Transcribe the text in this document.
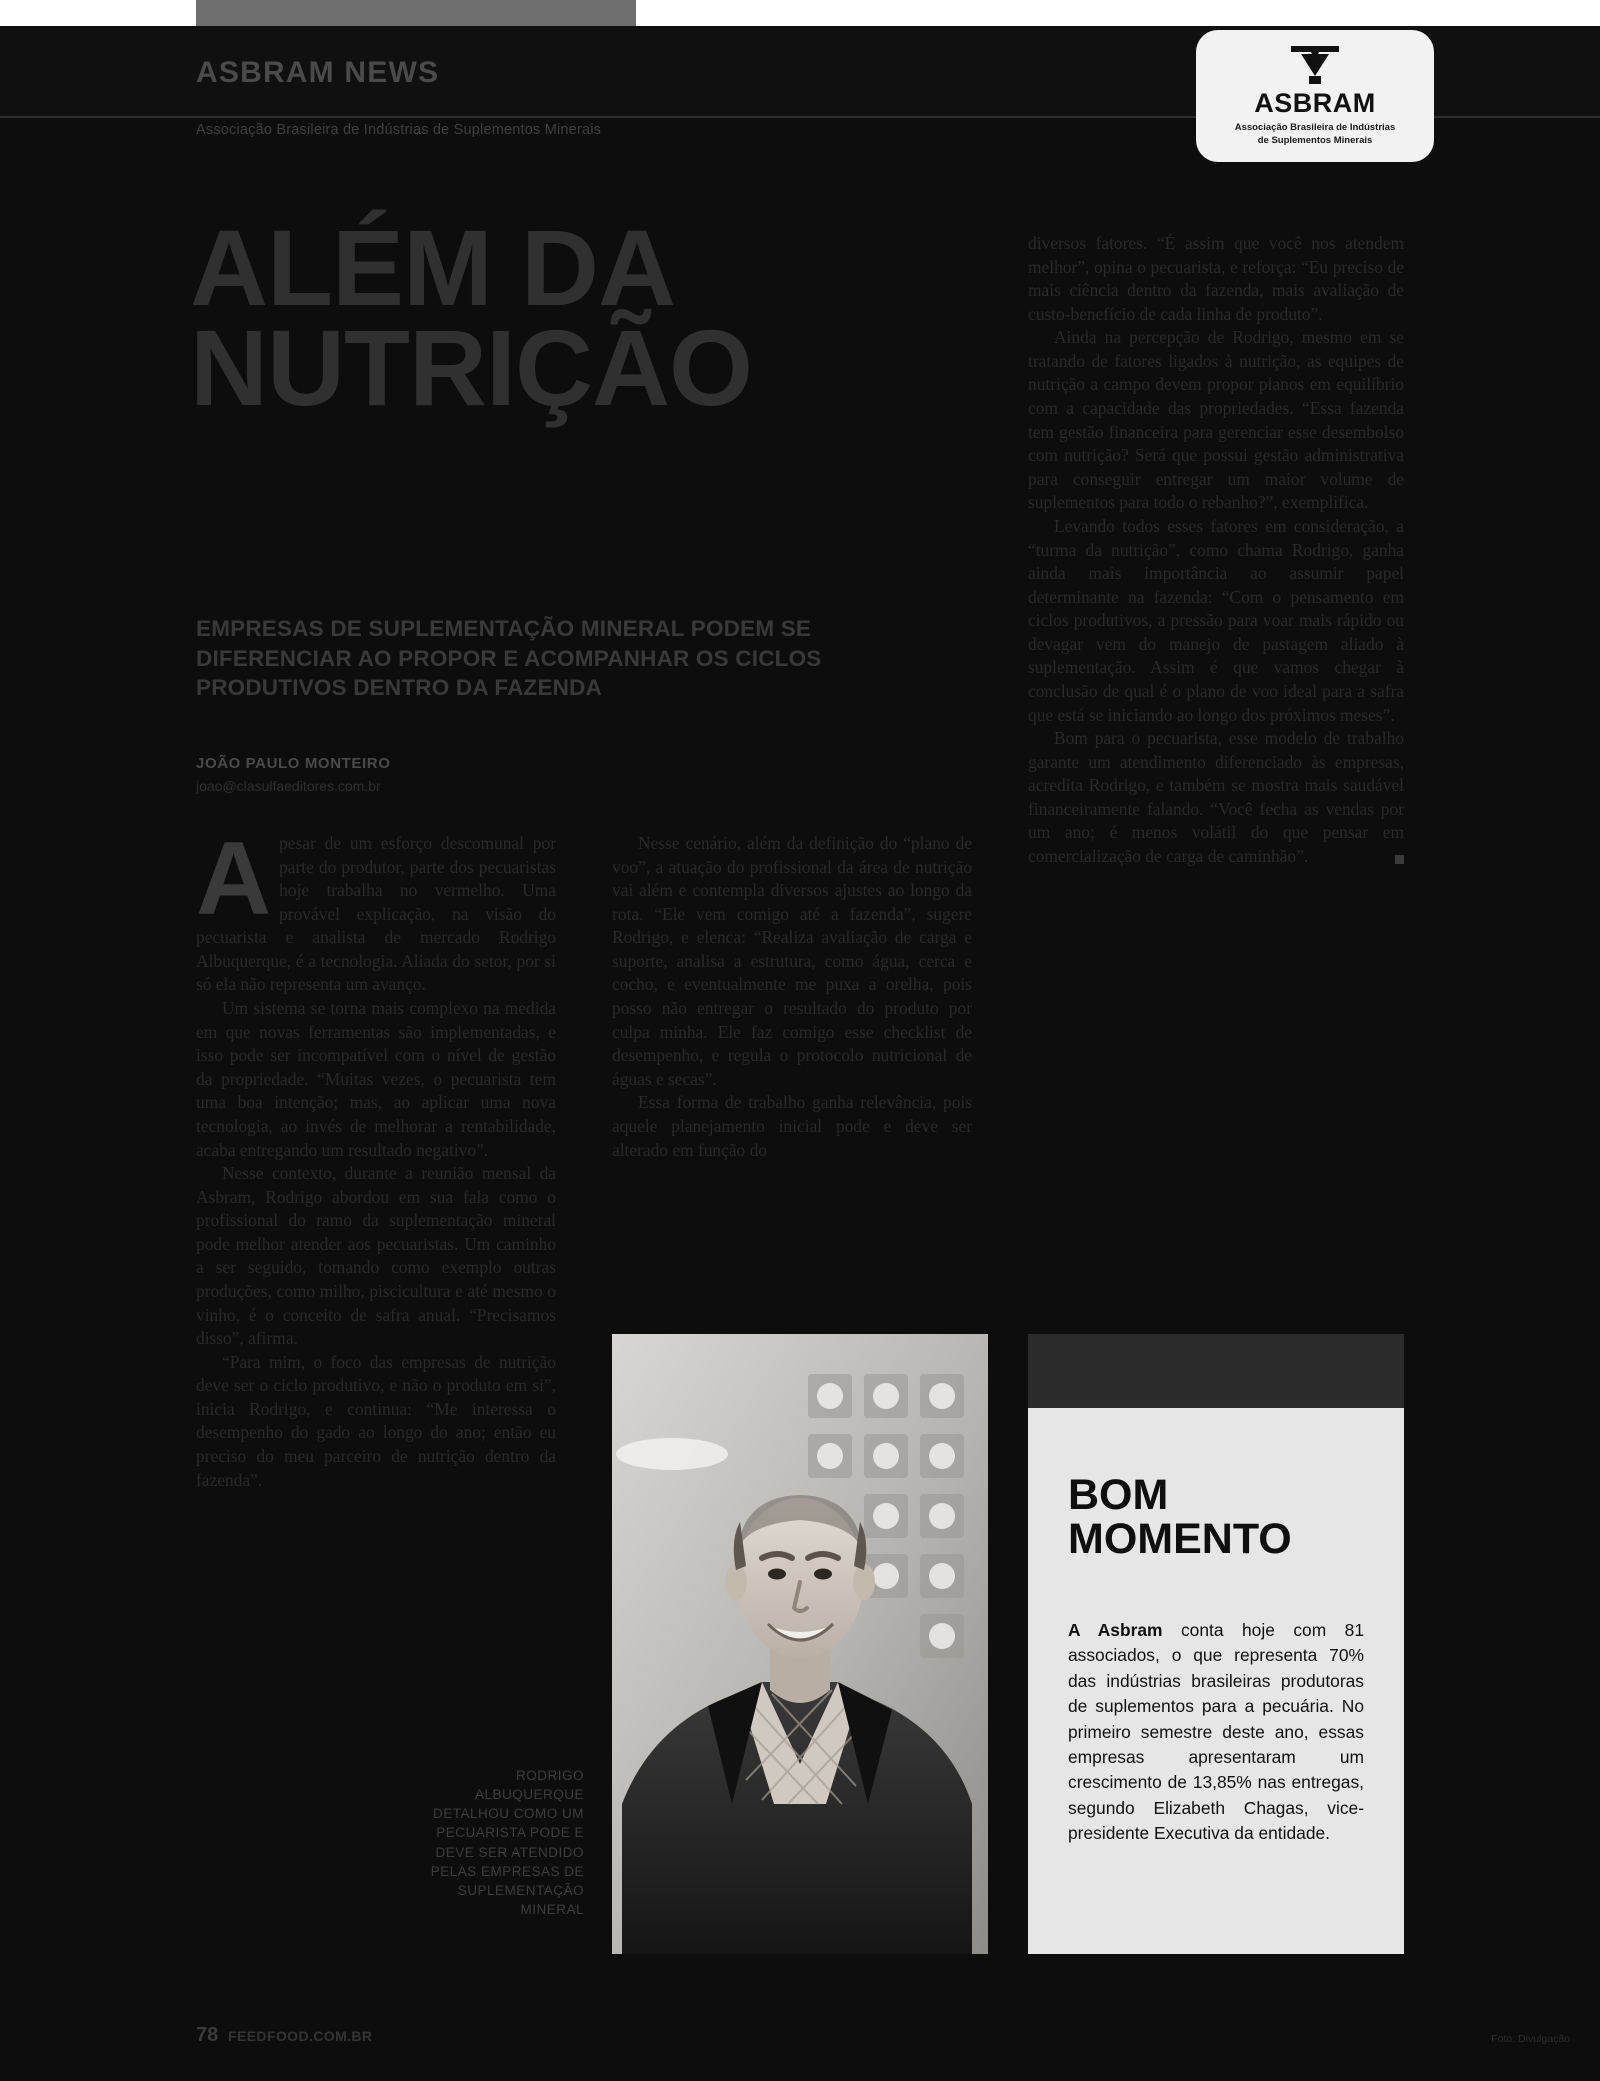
ASBRAM NEWS
Associação Brasileira de Indústrias de Suplementos Minerais
ASBRAM
Associação Brasileira de Indústrias
de Suplementos Minerais
ALÉM DA NUTRIÇÃO
EMPRESAS DE SUPLEMENTAÇÃO MINERAL PODEM SE DIFERENCIAR AO PROPOR E ACOMPANHAR OS CICLOS PRODUTIVOS DENTRO DA FAZENDA
JOÃO PAULO MONTEIRO
joao@clasulfaeditores.com.br

Apesar de um esforço descomunal por parte do produtor, parte dos pecuaristas hoje trabalha no vermelho. Uma provável explicação, na visão do pecuarista e analista de mercado Rodrigo Albuquerque, é a tecnologia. Aliada do setor, por si só ela não representa um avanço.

Um sistema se torna mais complexo na medida em que novas ferramentas são implementadas, e isso pode ser incompatível com o nível de gestão da propriedade. “Muitas vezes, o pecuarista tem uma boa intenção; mas, ao aplicar uma nova tecnologia, ao invés de melhorar a rentabilidade, acaba entregando um resultado negativo”.

Nesse contexto, durante a reunião mensal da Asbram, Rodrigo abordou em sua fala como o profissional do ramo da suplementação mineral pode melhor atender aos pecuaristas. Um caminho a ser seguido, tomando como exemplo outras produções, como milho, piscicultura e até mesmo o vinho, é o conceito de safra anual. “Precisamos disso”, afirma.

“Para mim, o foco das empresas de nutrição deve ser o ciclo produtivo, e não o produto em si”, inicia Rodrigo, e continua: “Me interessa o desempenho do gado ao longo do ano; então eu preciso do meu parceiro de nutrição dentro da fazenda”.

Nesse cenário, além da definição do “plano de voo”, a atuação do profissional da área de nutrição vai além e contempla diversos ajustes ao longo da rota. “Ele vem comigo até a fazenda”, sugere Rodrigo, e elenca: “Realiza avaliação de carga e suporte, analisa a estrutura, como água, cerca e cocho, e eventualmente me puxa a orelha, pois posso não entregar o resultado do produto por culpa minha. Ele faz comigo esse checklist de desempenho, e regula o protocolo nutricional de águas e secas”.

Essa forma de trabalho ganha relevância, pois aquele planejamento inicial pode e deve ser alterado em função do

diversos fatores. “É assim que você nos atendem melhor”, opina o pecuarista, e reforça: “Eu preciso de mais ciência dentro da fazenda, mais avaliação de custo-benefício de cada linha de produto”.

Ainda na percepção de Rodrigo, mesmo em se tratando de fatores ligados à nutrição, as equipes de nutrição a campo devem propor planos em equilíbrio com a capacidade das propriedades. “Essa fazenda tem gestão financeira para gerenciar esse desembolso com nutrição? Será que possui gestão administrativa para conseguir entregar um maior volume de suplementos para todo o rebanho?”, exemplifica.

Levando todos esses fatores em consideração, a “turma da nutrição”, como chama Rodrigo, ganha ainda mais importância ao assumir papel determinante na fazenda: “Com o pensamento em ciclos produtivos, a pressão para voar mais rápido ou devagar vem do manejo de pastagem aliado à suplementação. Assim é que vamos chegar à conclusão de qual é o plano de voo ideal para a safra que está se iniciando ao longo dos próximos meses”.

Bom para o pecuarista, esse modelo de trabalho garante um atendimento diferenciado às empresas, acredita Rodrigo, e também se mostra mais saudável financeiramente falando. “Você fecha as vendas por um ano; é menos volátil do que pensar em comercialização de carga de caminhão”.

RODRIGO ALBUQUERQUE DETALHOU COMO UM PECUARISTA PODE E DEVE SER ATENDIDO PELAS EMPRESAS DE SUPLEMENTAÇÃO MINERAL
BOM MOMENTO
A Asbram conta hoje com 81 associados, o que representa 70% das indústrias brasileiras produtoras de suplementos para a pecuária. No primeiro semestre deste ano, essas empresas apresentaram um crescimento de 13,85% nas entregas, segundo Elizabeth Chagas, vice-presidente Executiva da entidade.
78 FEEDFOOD.COM.BR	Foto: Divulgação
